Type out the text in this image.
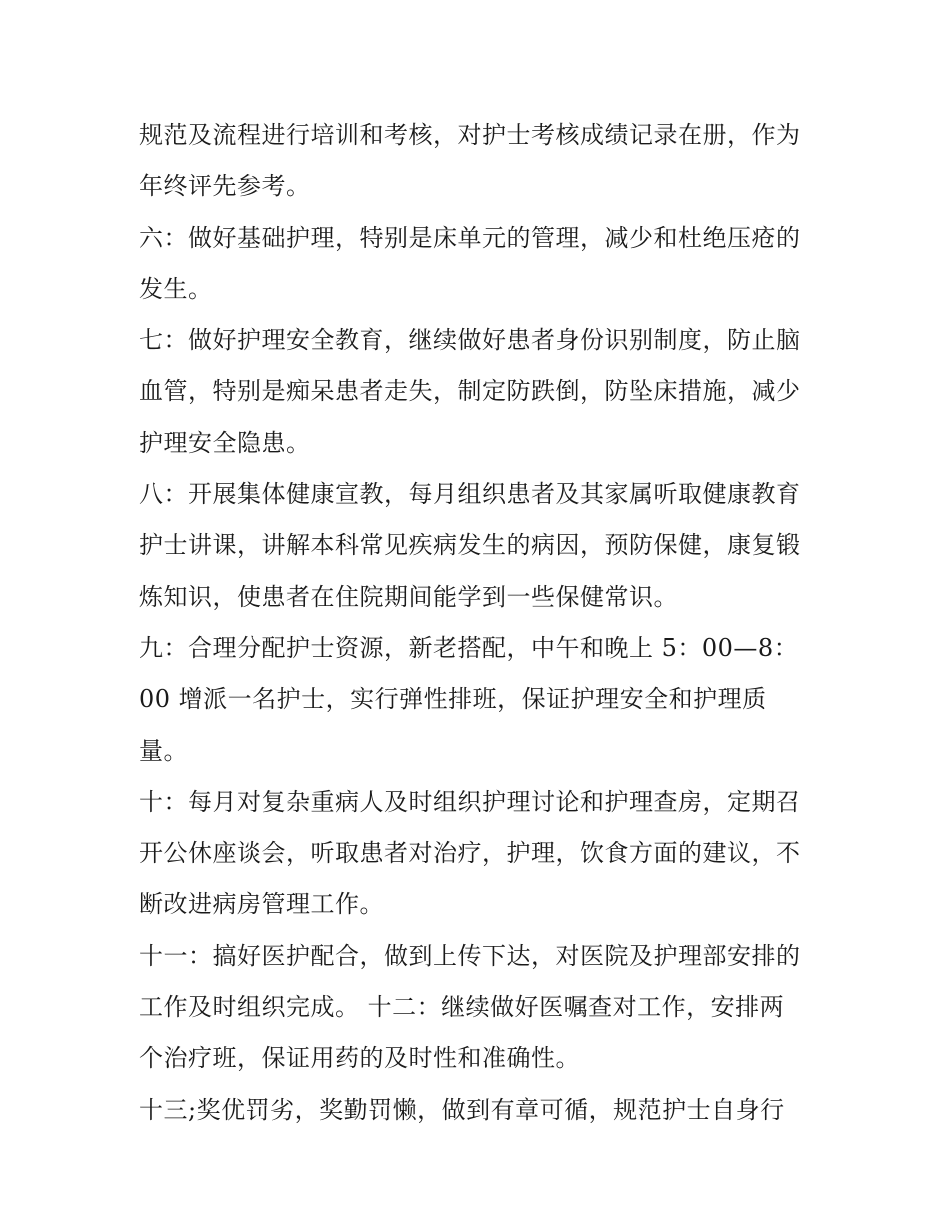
规范及流程进行培训和考核，对护士考核成绩记录在册，作为
年终评先参考。
六：做好基础护理，特别是床单元的管理，减少和杜绝压疮的
发生。
七：做好护理安全教育，继续做好患者身份识别制度，防止脑
血管，特别是痴呆患者走失，制定防跌倒，防坠床措施，减少
护理安全隐患。
八：开展集体健康宣教，每月组织患者及其家属听取健康教育
护士讲课，讲解本科常见疾病发生的病因，预防保健，康复锻
炼知识，使患者在住院期间能学到一些保健常识。
九：合理分配护士资源，新老搭配，中午和晚上 5：00—8：
00 增派一名护士，实行弹性排班，保证护理安全和护理质
量。
十：每月对复杂重病人及时组织护理讨论和护理查房，定期召
开公休座谈会，听取患者对治疗，护理，饮食方面的建议，不
断改进病房管理工作。
十一：搞好医护配合，做到上传下达，对医院及护理部安排的
工作及时组织完成。 十二：继续做好医嘱查对工作，安排两
个治疗班，保证用药的及时性和准确性。
十三;奖优罚劣，奖勤罚懒，做到有章可循，规范护士自身行
